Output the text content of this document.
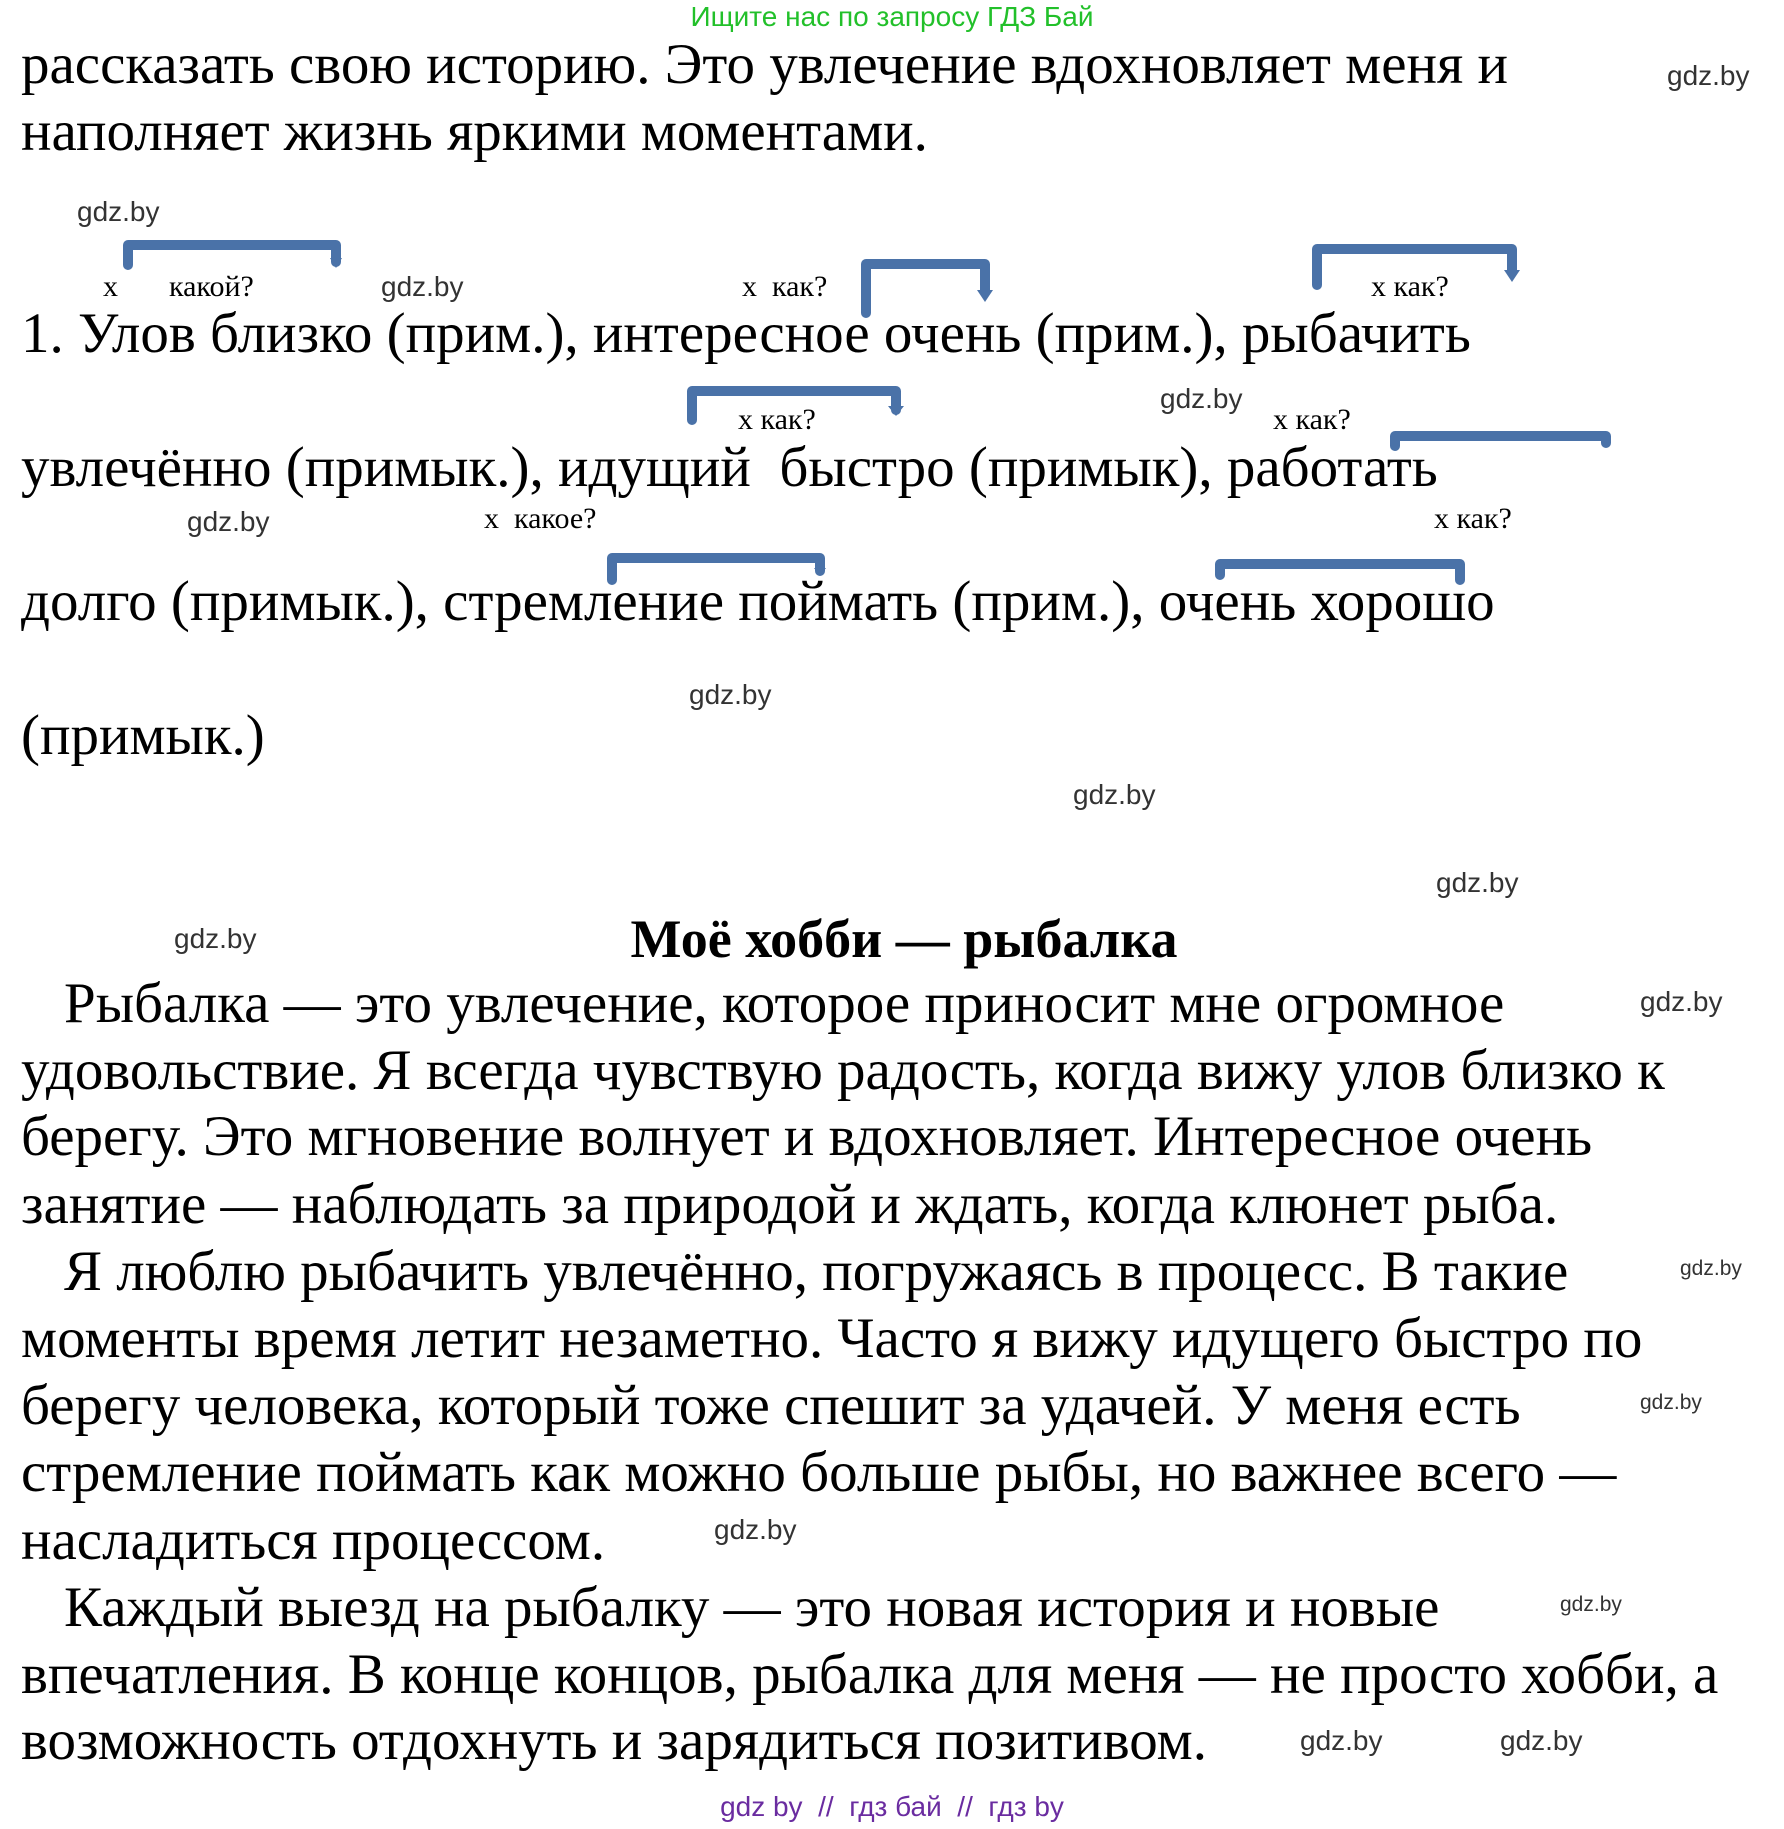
Ищите нас по запросу ГДЗ Бай
рассказать свою историю. Это увлечение вдохновляет меня и
наполняет жизнь яркими моментами.
x какой?	x  как?	x как?
x как?	x как?
x  какое?	x как?
1. Улов близко (прим.), интересное очень (прим.), рыбачить
увлечённо (примык.), идущий  быстро (примык), работать
долго (примык.), стремление поймать (прим.), очень хорошо
(примык.)
Моё хобби — рыбалка
Рыбалка — это увлечение, которое приносит мне огромное
удовольствие. Я всегда чувствую радость, когда вижу улов близко к
берегу. Это мгновение волнует и вдохновляет. Интересное очень
занятие — наблюдать за природой и ждать, когда клюнет рыба.
Я люблю рыбачить увлечённо, погружаясь в процесс. В такие
моменты время летит незаметно. Часто я вижу идущего быстро по
берегу человека, который тоже спешит за удачей. У меня есть
стремление поймать как можно больше рыбы, но важнее всего —
насладиться процессом.
Каждый выезд на рыбалку — это новая история и новые
впечатления. В конце концов, рыбалка для меня — не просто хобби, а
возможность отдохнуть и зарядиться позитивом.
gdz.by
gdz.by
gdz.by
gdz.by
gdz.by
gdz.by
gdz.by
gdz.by
gdz.by
gdz.by
gdz.by
gdz.by
gdz.by
gdz.by
gdz.by
gdz.by
gdz by  //  гдз бай  //  гдз by
